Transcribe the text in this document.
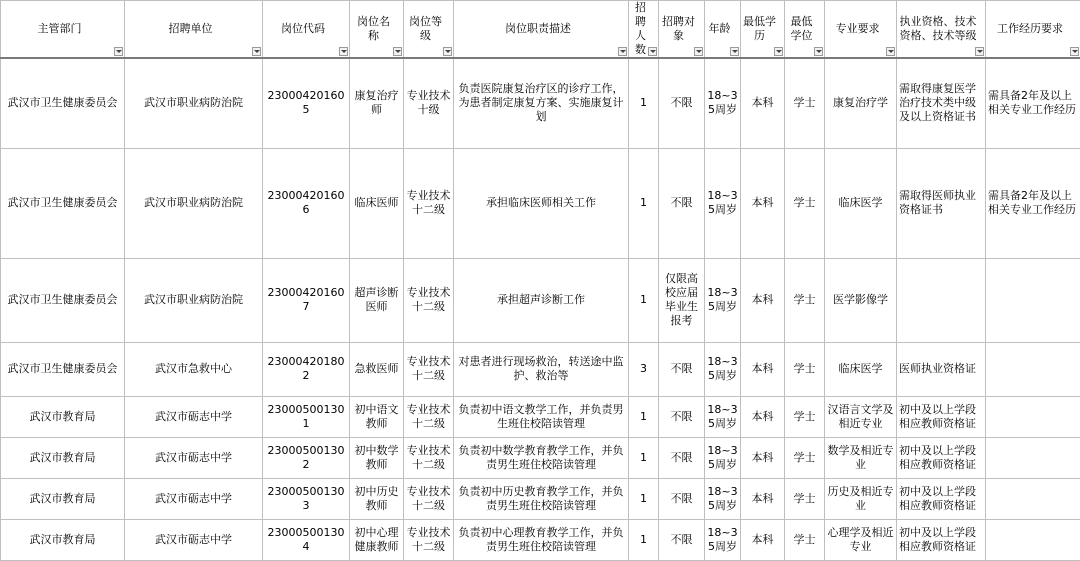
主管部门	招聘单位	岗位代码	岗位名称	岗位等级	岗位职责描述	招聘人数	招聘对象	年龄	最低学历	最低学位	专业要求	执业资格、技术资格、技术等级	工作经历要求

武汉市卫生健康委员会	武汉市职业病防治院	230004201605	康复治疗师	专业技术十级	负责医院康复治疗区的诊疗工作，为患者制定康复方案、实施康复计划	1	不限	18~35周岁	本科	学士	康复治疗学	需取得康复医学治疗技术类中级及以上资格证书	需具备2年及以上相关专业工作经历
武汉市卫生健康委员会	武汉市职业病防治院	230004201606	临床医师	专业技术十二级	承担临床医师相关工作	1	不限	18~35周岁	本科	学士	临床医学	需取得医师执业资格证书	需具备2年及以上相关专业工作经历
武汉市卫生健康委员会	武汉市职业病防治院	230004201607	超声诊断医师	专业技术十二级	承担超声诊断工作	1	仅限高校应届毕业生报考	18~35周岁	本科	学士	医学影像学		
武汉市卫生健康委员会	武汉市急救中心	230004201802	急救医师	专业技术十二级	对患者进行现场救治，转送途中监护、救治等	3	不限	18~35周岁	本科	学士	临床医学	医师执业资格证	
武汉市教育局	武汉市砺志中学	230005001301	初中语文教师	专业技术十二级	负责初中语文教学工作，并负责男生班住校陪读管理	1	不限	18~35周岁	本科	学士	汉语言文学及相近专业	初中及以上学段相应教师资格证	
武汉市教育局	武汉市砺志中学	230005001302	初中数学教师	专业技术十二级	负责初中数学教育教学工作，并负责男生班住校陪读管理	1	不限	18~35周岁	本科	学士	数学及相近专业	初中及以上学段相应教师资格证	
武汉市教育局	武汉市砺志中学	230005001303	初中历史教师	专业技术十二级	负责初中历史教育教学工作，并负责男生班住校陪读管理	1	不限	18~35周岁	本科	学士	历史及相近专业	初中及以上学段相应教师资格证	
武汉市教育局	武汉市砺志中学	230005001304	初中心理健康教师	专业技术十二级	负责初中心理教育教学工作，并负责男生班住校陪读管理	1	不限	18~35周岁	本科	学士	心理学及相近专业	初中及以上学段相应教师资格证	
